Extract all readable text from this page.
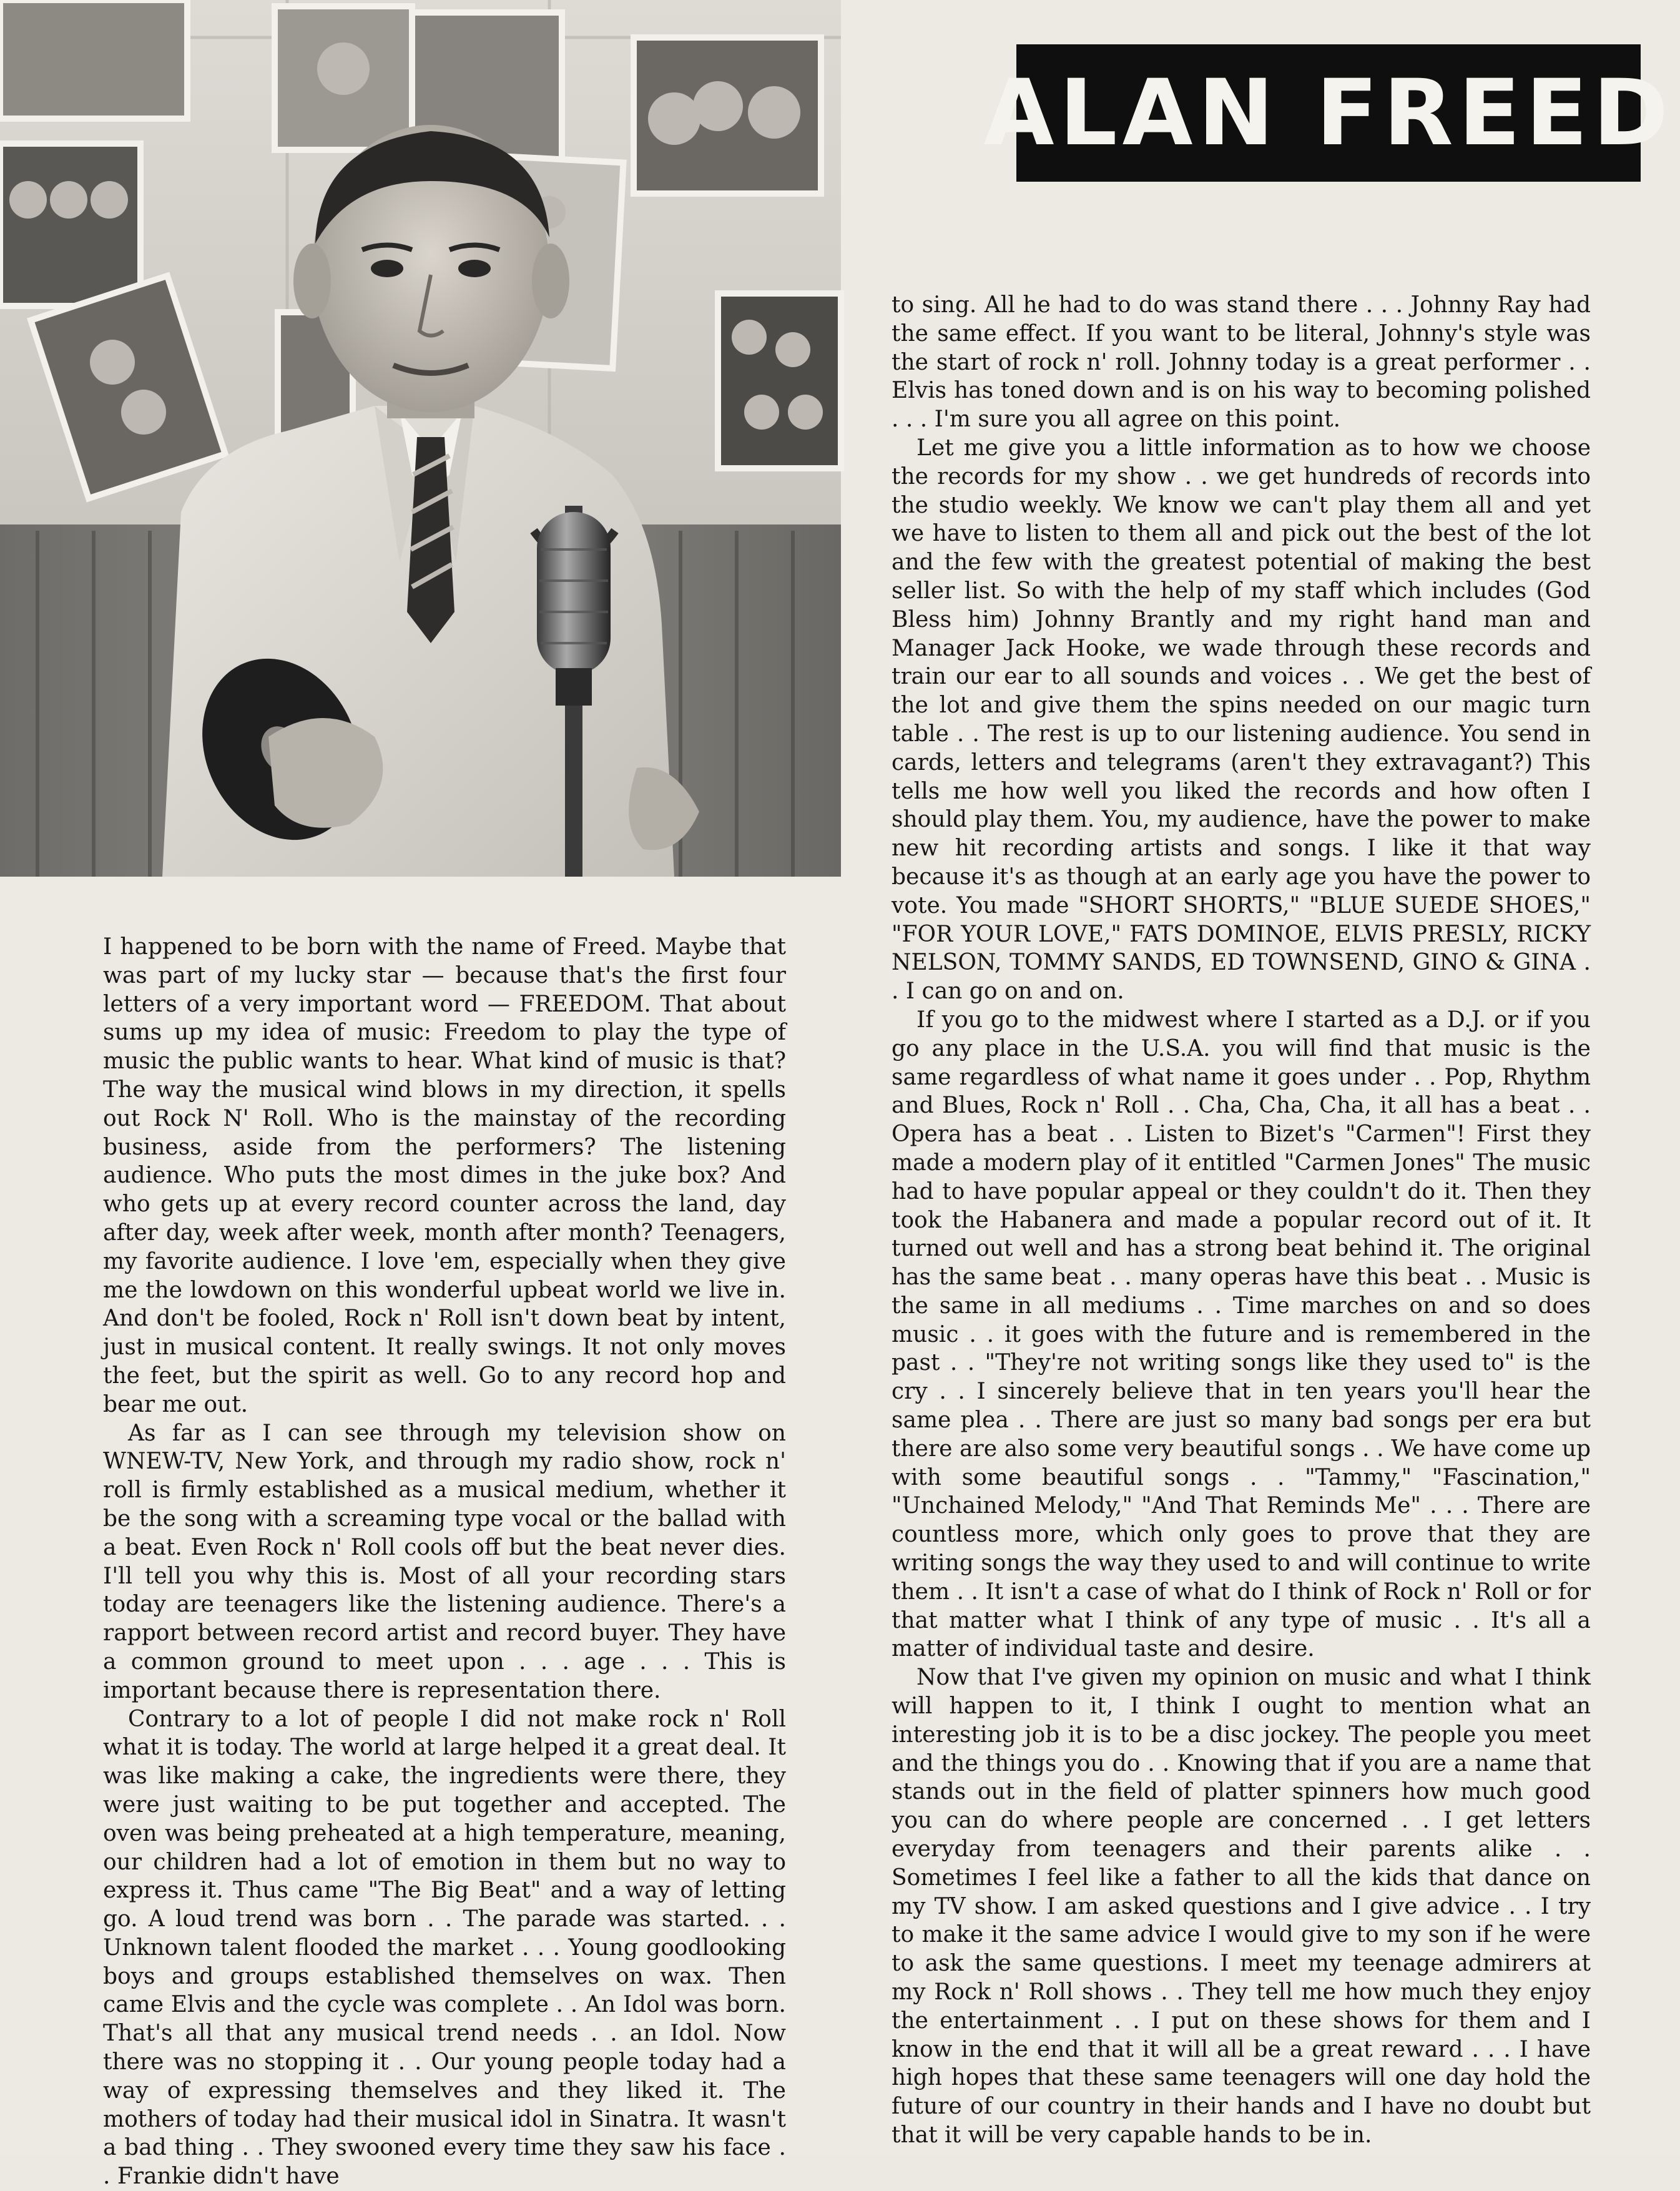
ALAN FREED

I happened to be born with the name of Freed. Maybe that was part of my lucky star — because that's the first four letters of a very important word — FREEDOM. That about sums up my idea of music: Freedom to play the type of music the public wants to hear. What kind of music is that? The way the musical wind blows in my direction, it spells out Rock N' Roll. Who is the mainstay of the recording business, aside from the performers? The listening audience. Who puts the most dimes in the juke box? And who gets up at every record counter across the land, day after day, week after week, month after month? Teenagers, my favorite audience. I love 'em, especially when they give me the lowdown on this wonderful upbeat world we live in. And don't be fooled, Rock n' Roll isn't down beat by intent, just in musical content. It really swings. It not only moves the feet, but the spirit as well. Go to any record hop and bear me out.

As far as I can see through my television show on WNEW-TV, New York, and through my radio show, rock n' roll is firmly established as a musical medium, whether it be the song with a screaming type vocal or the ballad with a beat. Even Rock n' Roll cools off but the beat never dies. I'll tell you why this is. Most of all your recording stars today are teenagers like the listening audience. There's a rapport between record artist and record buyer. They have a common ground to meet upon . . . age . . . This is important because there is representation there.

Contrary to a lot of people I did not make rock n' Roll what it is today. The world at large helped it a great deal. It was like making a cake, the ingredients were there, they were just waiting to be put together and accepted. The oven was being preheated at a high temperature, meaning, our children had a lot of emotion in them but no way to express it. Thus came "The Big Beat" and a way of letting go. A loud trend was born . . The parade was started. . . Unknown talent flooded the market . . . Young goodlooking boys and groups established themselves on wax. Then came Elvis and the cycle was complete . . An Idol was born. That's all that any musical trend needs . . an Idol. Now there was no stopping it . . Our young people today had a way of expressing themselves and they liked it. The mothers of today had their musical idol in Sinatra. It wasn't a bad thing . . They swooned every time they saw his face . . Frankie didn't have

to sing. All he had to do was stand there . . . Johnny Ray had the same effect. If you want to be literal, Johnny's style was the start of rock n' roll. Johnny today is a great performer . . Elvis has toned down and is on his way to becoming polished . . . I'm sure you all agree on this point.

Let me give you a little information as to how we choose the records for my show . . we get hundreds of records into the studio weekly. We know we can't play them all and yet we have to listen to them all and pick out the best of the lot and the few with the greatest potential of making the best seller list. So with the help of my staff which includes (God Bless him) Johnny Brantly and my right hand man and Manager Jack Hooke, we wade through these records and train our ear to all sounds and voices . . We get the best of the lot and give them the spins needed on our magic turn table . . The rest is up to our listening audience. You send in cards, letters and telegrams (aren't they extravagant?) This tells me how well you liked the records and how often I should play them. You, my audience, have the power to make new hit recording artists and songs. I like it that way because it's as though at an early age you have the power to vote. You made "SHORT SHORTS," "BLUE SUEDE SHOES," "FOR YOUR LOVE," FATS DOMINOE, ELVIS PRESLY, RICKY NELSON, TOMMY SANDS, ED TOWNSEND, GINO & GINA . . I can go on and on.

If you go to the midwest where I started as a D.J. or if you go any place in the U.S.A. you will find that music is the same regardless of what name it goes under . . Pop, Rhythm and Blues, Rock n' Roll . . Cha, Cha, Cha, it all has a beat . . Opera has a beat . . Listen to Bizet's "Carmen"! First they made a modern play of it entitled "Carmen Jones" The music had to have popular appeal or they couldn't do it. Then they took the Habanera and made a popular record out of it. It turned out well and has a strong beat behind it. The original has the same beat . . many operas have this beat . . Music is the same in all mediums . . Time marches on and so does music . . it goes with the future and is remembered in the past . . "They're not writing songs like they used to" is the cry . . I sincerely believe that in ten years you'll hear the same plea . . There are just so many bad songs per era but there are also some very beautiful songs . . We have come up with some beautiful songs . . "Tammy," "Fascination," "Unchained Melody," "And That Reminds Me" . . . There are countless more, which only goes to prove that they are writing songs the way they used to and will continue to write them . . It isn't a case of what do I think of Rock n' Roll or for that matter what I think of any type of music . . It's all a matter of individual taste and desire.

Now that I've given my opinion on music and what I think will happen to it, I think I ought to mention what an interesting job it is to be a disc jockey. The people you meet and the things you do . . Knowing that if you are a name that stands out in the field of platter spinners how much good you can do where people are concerned . . I get letters everyday from teenagers and their parents alike . . Sometimes I feel like a father to all the kids that dance on my TV show. I am asked questions and I give advice . . I try to make it the same advice I would give to my son if he were to ask the same questions. I meet my teenage admirers at my Rock n' Roll shows . . They tell me how much they enjoy the entertainment . . I put on these shows for them and I know in the end that it will all be a great reward . . . I have high hopes that these same teenagers will one day hold the future of our country in their hands and I have no doubt but that it will be very capable hands to be in.
